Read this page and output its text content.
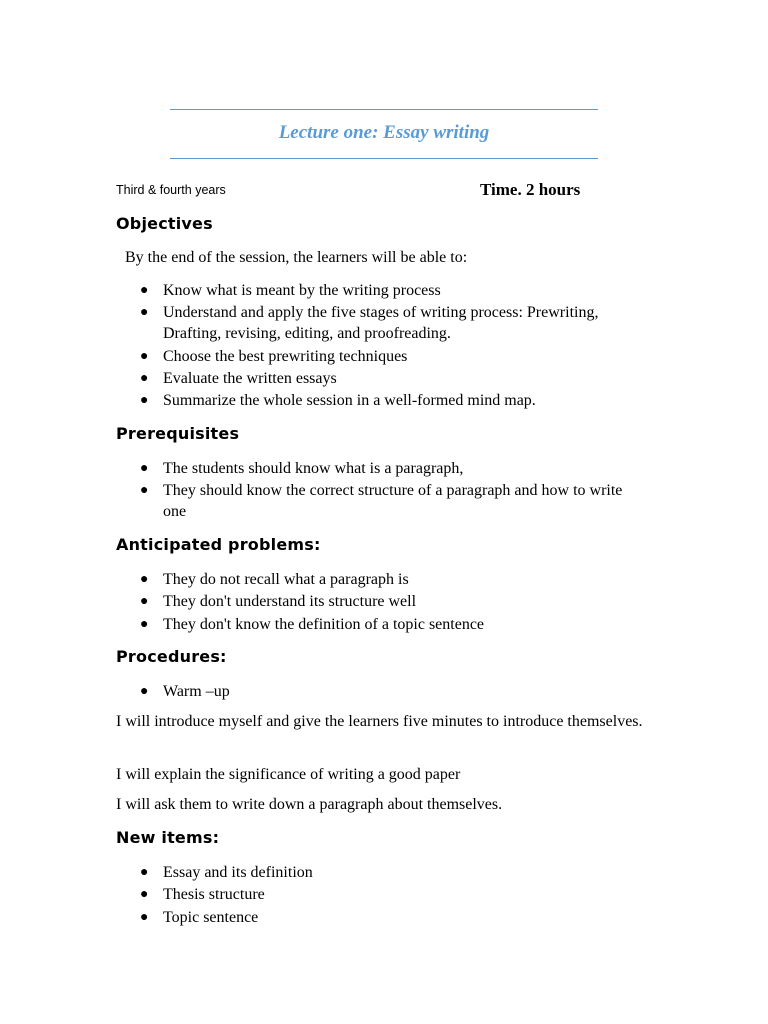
Lecture one: Essay writing
Third & fourth years	Time. 2 hours
Objectives

By the end of the session, the learners will be able to:

● Know what is meant by the writing process
● Understand and apply the five stages of writing process: Prewriting, Drafting, revising, editing, and proofreading.
● Choose the best prewriting techniques
● Evaluate the written essays
● Summarize the whole session in a well-formed mind map.
Prerequisites
● The students should know what is a paragraph,
● They should know the correct structure of a paragraph and how to write one
Anticipated problems:
● They do not recall what a paragraph is
● They don't understand its structure well
● They don't know the definition of a topic sentence
Procedures:
● Warm –up

I will introduce myself and give the learners five minutes to introduce themselves.

I will explain the significance of writing a good paper

I will ask them to write down a paragraph about themselves.

New items:
● Essay and its definition
● Thesis structure
● Topic sentence
